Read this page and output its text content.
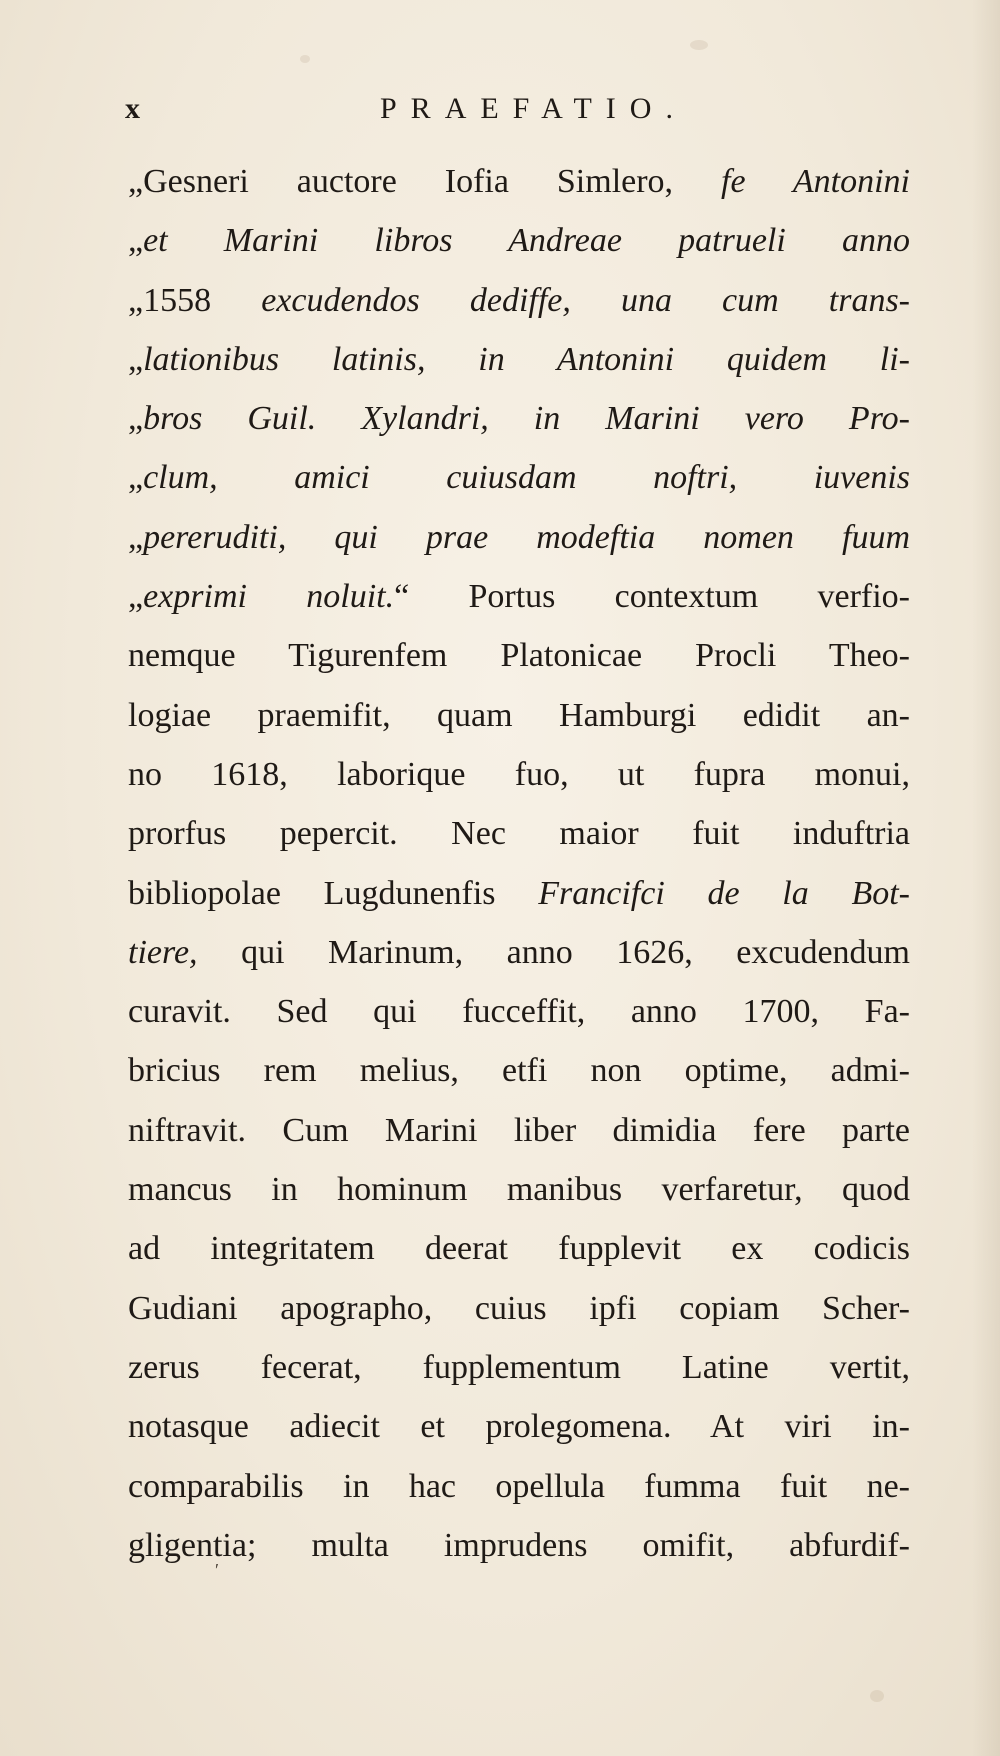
x	PRAEFATIO.
„Gesneri auctore Iofia Simlero, fe Antonini
„et Marini libros Andreae patrueli anno
„1558 excudendos dediffe, una cum trans-
„lationibus latinis, in Antonini quidem li-
„bros Guil. Xylandri, in Marini vero Pro-
„clum, amici cuiusdam noftri, iuvenis
„pereruditi, qui prae modeftia nomen fuum
„exprimi noluit.“ Portus contextum verfio-
nemque Tigurenfem Platonicae Procli Theo-
logiae praemifit, quam Hamburgi edidit an-
no 1618, laborique fuo, ut fupra monui,
prorfus pepercit. Nec maior fuit induftria
bibliopolae Lugdunenfis Francifci de la Bot-
tiere, qui Marinum, anno 1626, excudendum
curavit. Sed qui fucceffit, anno 1700, Fa-
bricius rem melius, etfi non optime, admi-
niftravit. Cum Marini liber dimidia fere parte
mancus in hominum manibus verfaretur, quod
ad integritatem deerat fupplevit ex codicis
Gudiani apographo, cuius ipfi copiam Scher-
zerus fecerat, fupplementum Latine vertit,
notasque adiecit et prolegomena. At viri in-
comparabilis in hac opellula fumma fuit ne-
gligentia; multa imprudens omifit, abfurdif-
′
